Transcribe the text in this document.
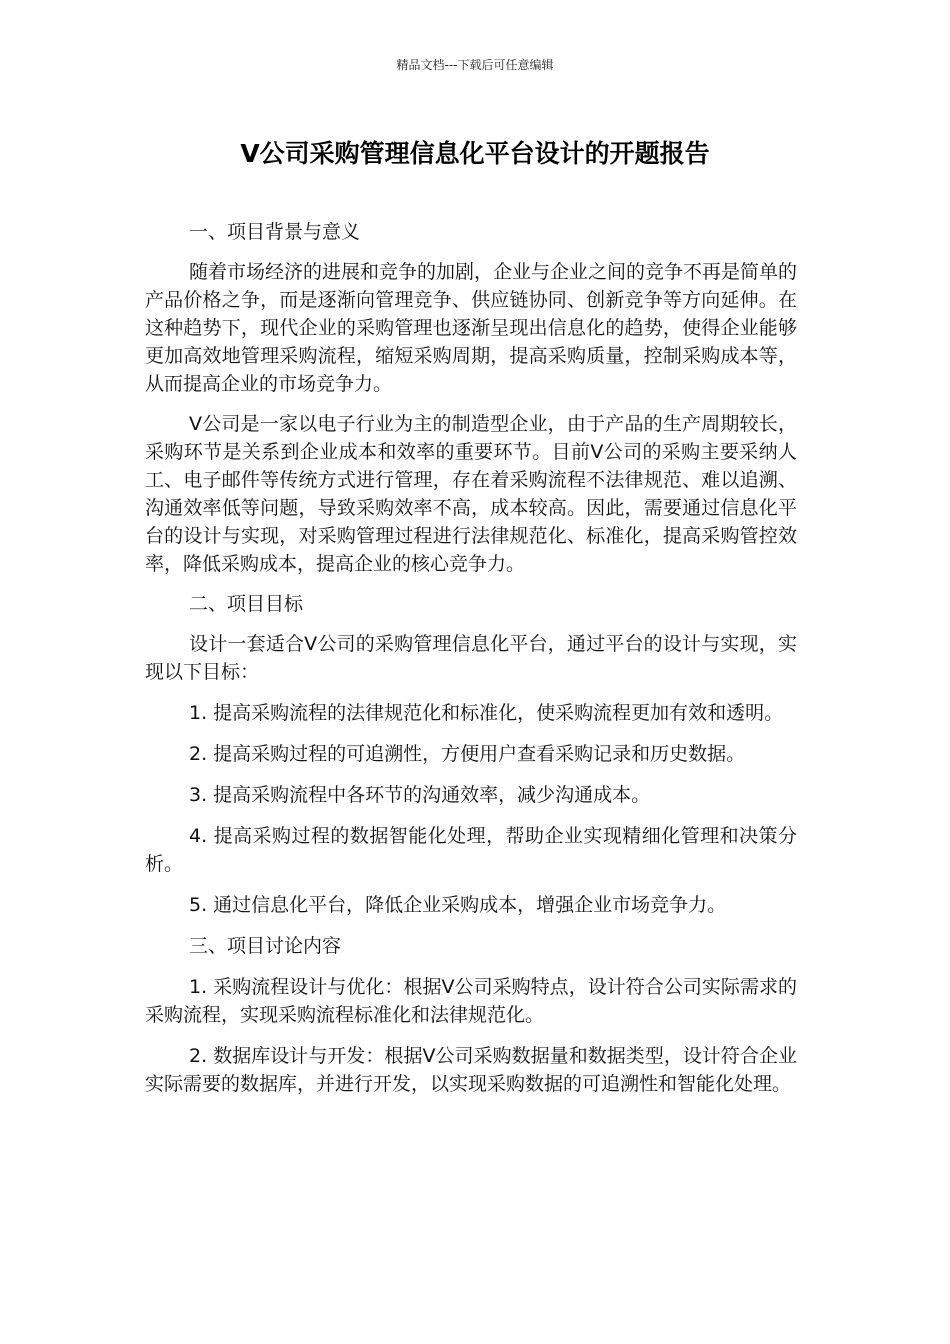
精品文档---下载后可任意编辑
V公司采购管理信息化平台设计的开题报告

一、项目背景与意义

随着市场经济的进展和竞争的加剧，企业与企业之间的竞争不再是简单的产品价格之争，而是逐渐向管理竞争、供应链协同、创新竞争等方向延伸。在这种趋势下，现代企业的采购管理也逐渐呈现出信息化的趋势，使得企业能够更加高效地管理采购流程，缩短采购周期，提高采购质量，控制采购成本等，从而提高企业的市场竞争力。

V公司是一家以电子行业为主的制造型企业，由于产品的生产周期较长，采购环节是关系到企业成本和效率的重要环节。目前V公司的采购主要采纳人工、电子邮件等传统方式进行管理，存在着采购流程不法律规范、难以追溯、沟通效率低等问题，导致采购效率不高，成本较高。因此，需要通过信息化平台的设计与实现，对采购管理过程进行法律规范化、标准化，提高采购管控效率，降低采购成本，提高企业的核心竞争力。

二、项目目标

设计一套适合V公司的采购管理信息化平台，通过平台的设计与实现，实现以下目标：

1. 提高采购流程的法律规范化和标准化，使采购流程更加有效和透明。

2. 提高采购过程的可追溯性，方便用户查看采购记录和历史数据。

3. 提高采购流程中各环节的沟通效率，减少沟通成本。

4. 提高采购过程的数据智能化处理，帮助企业实现精细化管理和决策分析。

5. 通过信息化平台，降低企业采购成本，增强企业市场竞争力。

三、项目讨论内容

1. 采购流程设计与优化：根据V公司采购特点，设计符合公司实际需求的采购流程，实现采购流程标准化和法律规范化。

2. 数据库设计与开发：根据V公司采购数据量和数据类型，设计符合企业实际需要的数据库，并进行开发，以实现采购数据的可追溯性和智能化处理。
